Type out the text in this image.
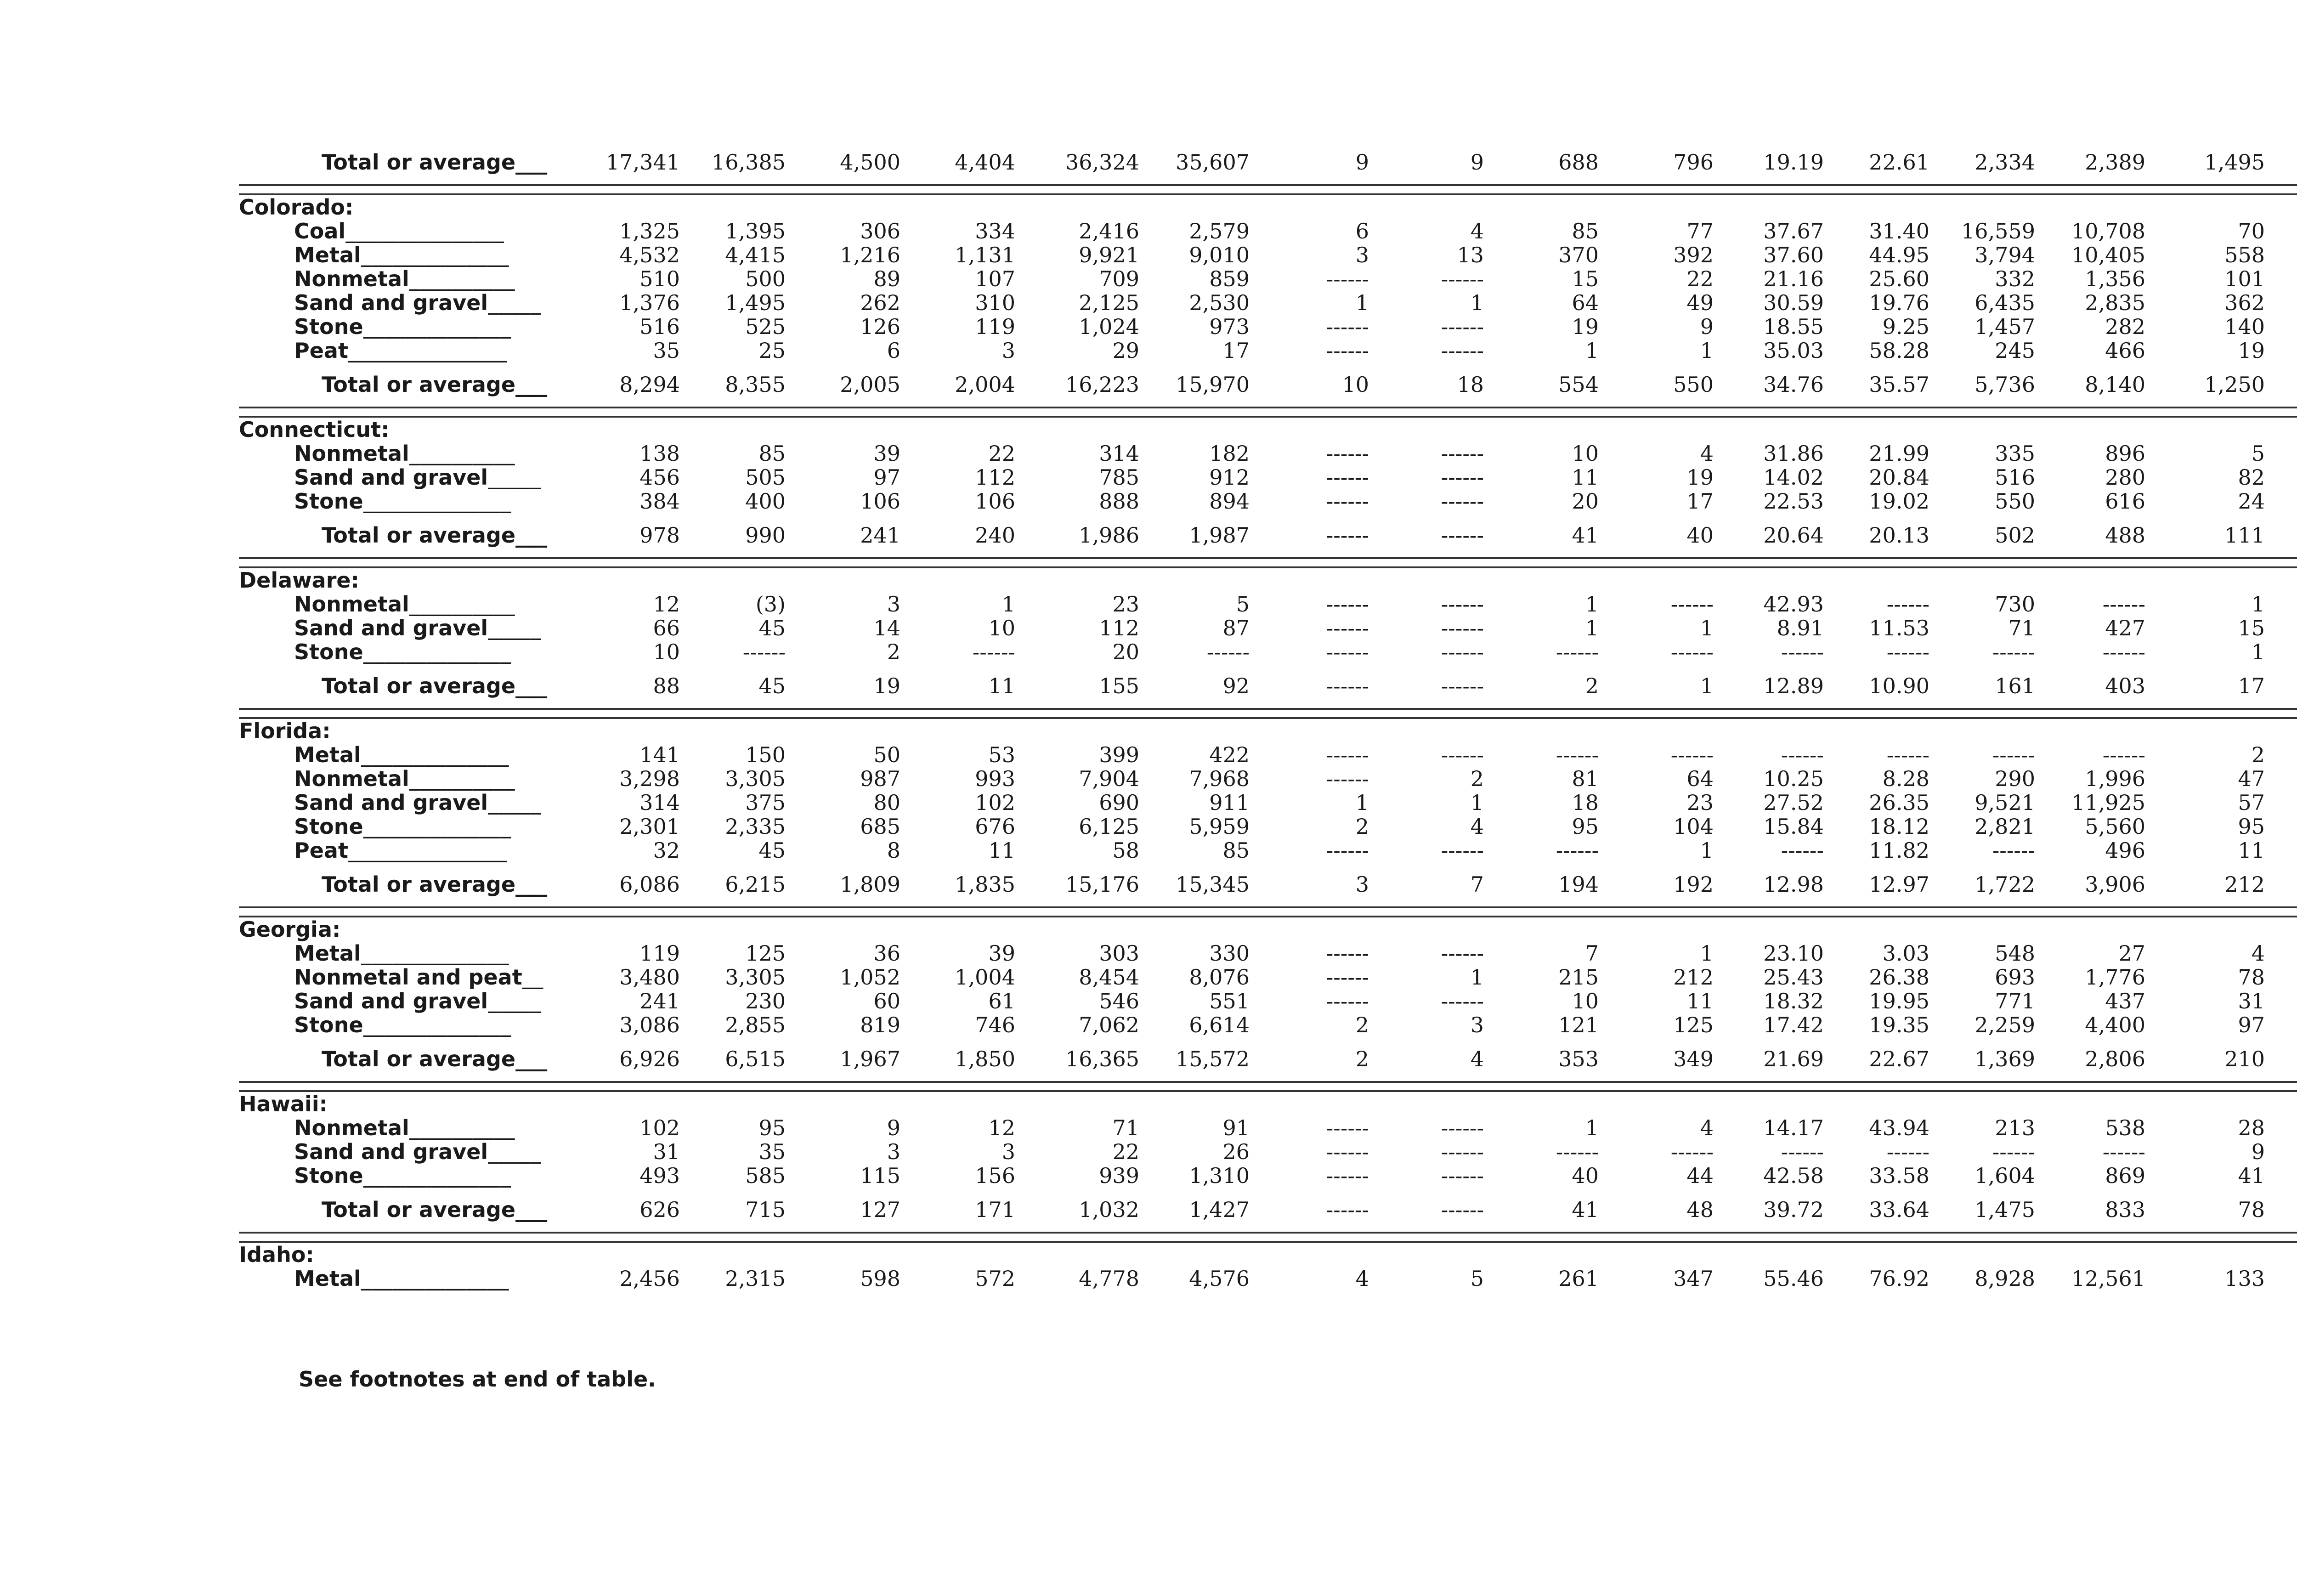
Total or average___	17,341	16,385	4,500	4,404	36,324	35,607	9	9	688	796	19.19	22.61	2,334	2,389	1,495	

Colorado:																
Coal_______________	1,325	1,395	306	334	2,416	2,579	6	4	85	77	37.67	31.40	16,559	10,708	70	
Metal______________	4,532	4,415	1,216	1,131	9,921	9,010	3	13	370	392	37.60	44.95	3,794	10,405	558	
Nonmetal__________	510	500	89	107	709	859	------	------	15	22	21.16	25.60	332	1,356	101	
Sand and gravel_____	1,376	1,495	262	310	2,125	2,530	1	1	64	49	30.59	19.76	6,435	2,835	362	
Stone______________	516	525	126	119	1,024	973	------	------	19	9	18.55	9.25	1,457	282	140	
Peat_______________	35	25	6	3	29	17	------	------	1	1	35.03	58.28	245	466	19	
Total or average___	8,294	8,355	2,005	2,004	16,223	15,970	10	18	554	550	34.76	35.57	5,736	8,140	1,250	

Connecticut:																
Nonmetal__________	138	85	39	22	314	182	------	------	10	4	31.86	21.99	335	896	5	
Sand and gravel_____	456	505	97	112	785	912	------	------	11	19	14.02	20.84	516	280	82	
Stone______________	384	400	106	106	888	894	------	------	20	17	22.53	19.02	550	616	24	
Total or average___	978	990	241	240	1,986	1,987	------	------	41	40	20.64	20.13	502	488	111	

Delaware:																
Nonmetal__________	12	(3)	3	1	23	5	------	------	1	------	42.93	------	730	------	1	
Sand and gravel_____	66	45	14	10	112	87	------	------	1	1	8.91	11.53	71	427	15	
Stone______________	10	------	2	------	20	------	------	------	------	------	------	------	------	------	1	
Total or average___	88	45	19	11	155	92	------	------	2	1	12.89	10.90	161	403	17	

Florida:																
Metal______________	141	150	50	53	399	422	------	------	------	------	------	------	------	------	2	
Nonmetal__________	3,298	3,305	987	993	7,904	7,968	------	2	81	64	10.25	8.28	290	1,996	47	
Sand and gravel_____	314	375	80	102	690	911	1	1	18	23	27.52	26.35	9,521	11,925	57	
Stone______________	2,301	2,335	685	676	6,125	5,959	2	4	95	104	15.84	18.12	2,821	5,560	95	
Peat_______________	32	45	8	11	58	85	------	------	------	1	------	11.82	------	496	11	
Total or average___	6,086	6,215	1,809	1,835	15,176	15,345	3	7	194	192	12.98	12.97	1,722	3,906	212	

Georgia:																
Metal______________	119	125	36	39	303	330	------	------	7	1	23.10	3.03	548	27	4	
Nonmetal and peat__	3,480	3,305	1,052	1,004	8,454	8,076	------	1	215	212	25.43	26.38	693	1,776	78	
Sand and gravel_____	241	230	60	61	546	551	------	------	10	11	18.32	19.95	771	437	31	
Stone______________	3,086	2,855	819	746	7,062	6,614	2	3	121	125	17.42	19.35	2,259	4,400	97	
Total or average___	6,926	6,515	1,967	1,850	16,365	15,572	2	4	353	349	21.69	22.67	1,369	2,806	210	

Hawaii:																
Nonmetal__________	102	95	9	12	71	91	------	------	1	4	14.17	43.94	213	538	28	
Sand and gravel_____	31	35	3	3	22	26	------	------	------	------	------	------	------	------	9	
Stone______________	493	585	115	156	939	1,310	------	------	40	44	42.58	33.58	1,604	869	41	
Total or average___	626	715	127	171	1,032	1,427	------	------	41	48	39.72	33.64	1,475	833	78	

Idaho:																
Metal______________	2,456	2,315	598	572	4,778	4,576	4	5	261	347	55.46	76.92	8,928	12,561	133	
See footnotes at end of table.
